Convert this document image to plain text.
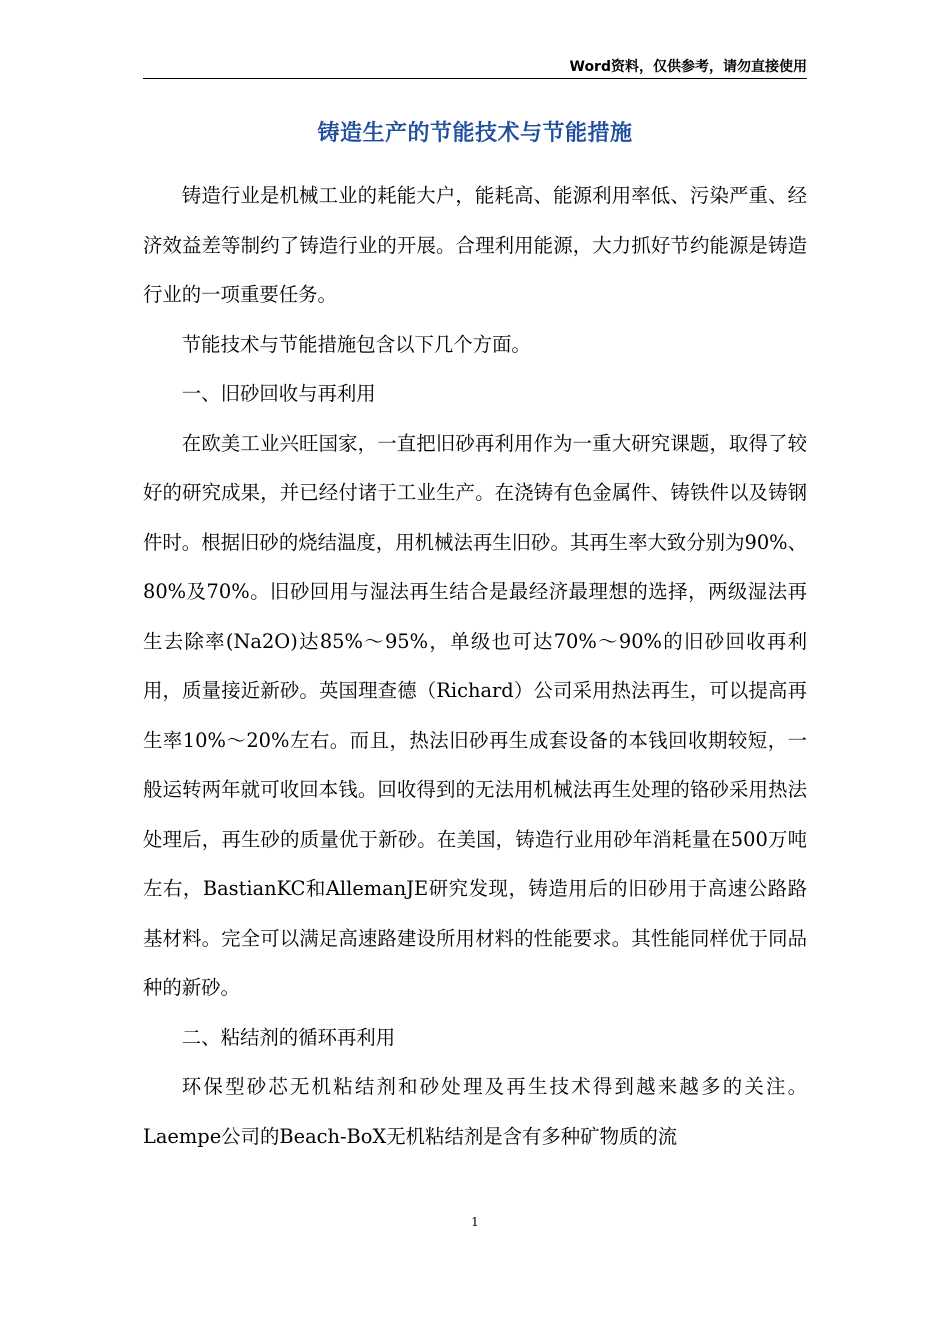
Word资料，仅供参考，请勿直接使用
铸造生产的节能技术与节能措施

铸造行业是机械工业的耗能大户，能耗高、能源利用率低、污染严重、经济效益差等制约了铸造行业的开展。合理利用能源，大力抓好节约能源是铸造行业的一项重要任务。

节能技术与节能措施包含以下几个方面。

一、旧砂回收与再利用

在欧美工业兴旺国家，一直把旧砂再利用作为一重大研究课题，取得了较好的研究成果，并已经付诸于工业生产。在浇铸有色金属件、铸铁件以及铸钢件时。根据旧砂的烧结温度，用机械法再生旧砂。其再生率大致分别为90%、80%及70%。旧砂回用与湿法再生结合是最经济最理想的选择，两级湿法再生去除率(Na2O)达85%～95%，单级也可达70%～90%的旧砂回收再利用，质量接近新砂。英国理查德（Richard）公司采用热法再生，可以提高再生率10%～20%左右。而且，热法旧砂再生成套设备的本钱回收期较短，一般运转两年就可收回本钱。回收得到的无法用机械法再生处理的铬砂采用热法处理后，再生砂的质量优于新砂。在美国，铸造行业用砂年消耗量在500万吨左右，BastianKC和AllemanJE研究发现，铸造用后的旧砂用于高速公路路基材料。完全可以满足高速路建设所用材料的性能要求。其性能同样优于同品种的新砂。

二、粘结剂的循环再利用

环保型砂芯无机粘结剂和砂处理及再生技术得到越来越多的关注。Laempe公司的Beach-BoX无机粘结剂是含有多种矿物质的流

1
